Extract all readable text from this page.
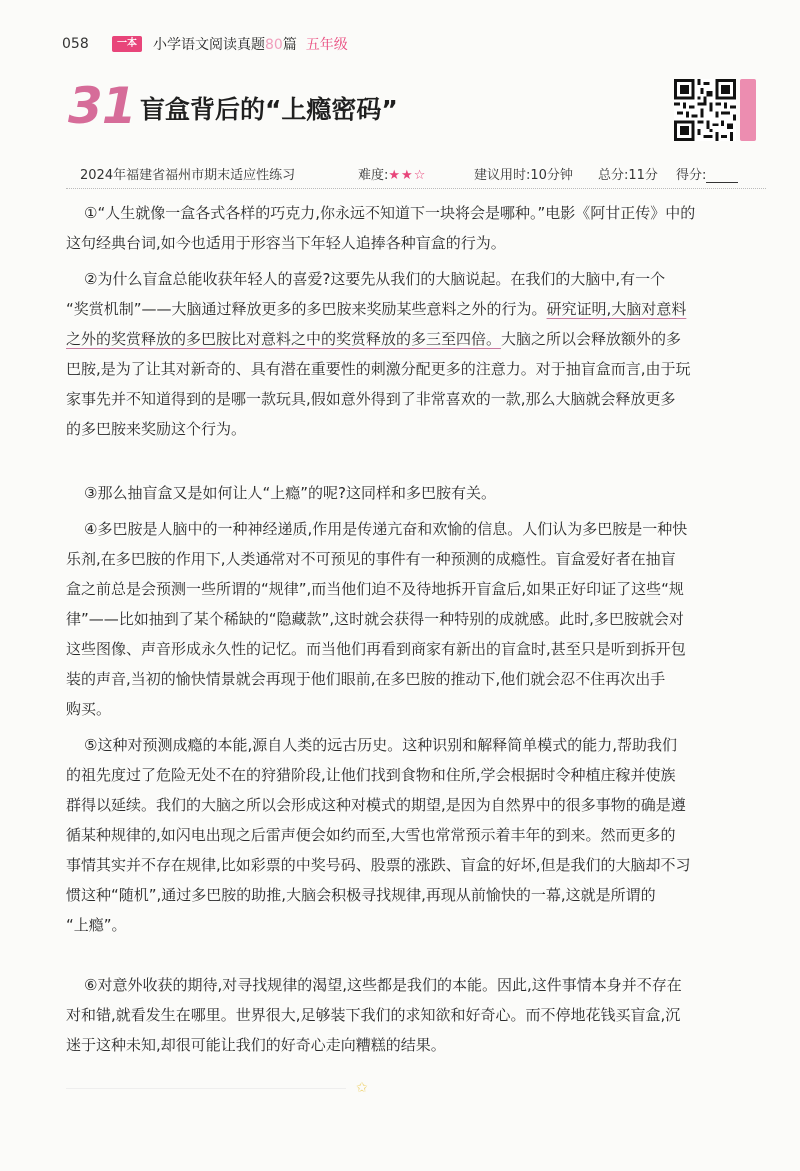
058	一本	小学语文阅读真题80篇 五年级
31 盲盒背后的“上瘾密码”
2024年福建省福州市期末适应性练习	难度:★★☆	建议用时:10分钟 总分:11分 得分:
①“人生就像一盒各式各样的巧克力,你永远不知道下一块将会是哪种。”电影《阿甘正传》中的
这句经典台词,如今也适用于形容当下年轻人追捧各种盲盒的行为。
②为什么盲盒总能收获年轻人的喜爱?这要先从我们的大脑说起。在我们的大脑中,有一个
“奖赏机制”——大脑通过释放更多的多巴胺来奖励某些意料之外的行为。研究证明,大脑对意料
之外的奖赏释放的多巴胺比对意料之中的奖赏释放的多三至四倍。大脑之所以会释放额外的多
巴胺,是为了让其对新奇的、具有潜在重要性的刺激分配更多的注意力。对于抽盲盒而言,由于玩
家事先并不知道得到的是哪一款玩具,假如意外得到了非常喜欢的一款,那么大脑就会释放更多
的多巴胺来奖励这个行为。
③那么抽盲盒又是如何让人“上瘾”的呢?这同样和多巴胺有关。
④多巴胺是人脑中的一种神经递质,作用是传递亢奋和欢愉的信息。人们认为多巴胺是一种快
乐剂,在多巴胺的作用下,人类通常 •对不可预见的事件有一种预测的成瘾性。盲盒爱好者在抽盲
盒之前总是会预测一些所谓的“规律”,而当他们迫不及待地拆开盲盒后,如果正好印证了这些“规
律”——比如抽到了某个稀缺的“隐藏款”,这时就会获得一种特别的成就感。此时,多巴胺就会对
这些图像、声音形成永久性的记忆。而当他们再看到商家有新出的盲盒时,甚至只是听到拆开包
装的声音,当初的愉快情景就会再现于他们眼前,在多巴胺的推动下,他们就会忍不住再次出手
购买。
⑤这种对预测成瘾的本能,源自人类的远古历史。这种识别和解释简单模式的能力,帮助我们
的祖先度过了危险无处不在的狩猎阶段,让他们找到食物和住所,学会根据时令种植庄稼并使族
群得以延续。我们的大脑之所以会形成这种对模式的期望,是因为自然界中的很多事物的确是遵
循某种规律的,如闪电出现之后雷声便会如约而至,大雪也常常预示着丰年的到来。然而更多的
事情其实并不存在规律,比如彩票的中奖号码、股票的涨跌、盲盒的好坏,但是我们的大脑却不习
惯这种“随机”,通过多巴胺的助推,大脑会积极寻找规律,再现从前愉快的一幕,这就是所谓的
“上瘾”。
⑥对意外收获的期待,对寻找规律的渴望,这些都是我们的本能。因此,这件事情本身并不存在
对和错,就看发生在哪里。世界很大,足够装下我们的求知欲和好奇心。而不停地花钱买盲盒,沉
迷于这种未知,却很可能让我们的好奇心走向糟糕的结果。
✩
